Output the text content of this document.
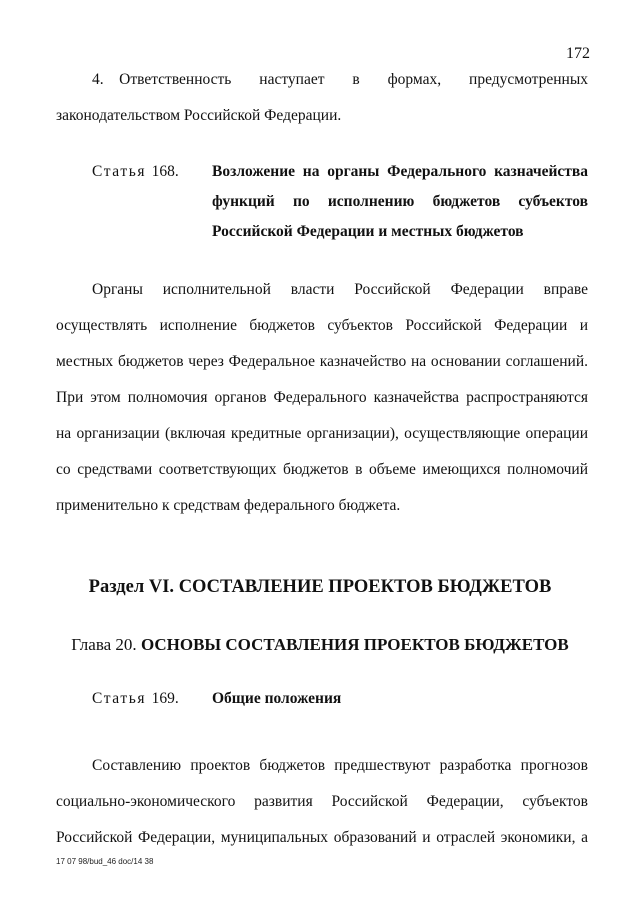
172

4. Ответственность наступает в формах, предусмотренных законодательством Российской Федерации.

Статья 168. Возложение на органы Федерального казначейства функций по исполнению бюджетов субъектов Российской Федерации и местных бюджетов

Органы исполнительной власти Российской Федерации вправе осуществлять исполнение бюджетов субъектов Российской Федерации и местных бюджетов через Федеральное казначейство на основании соглашений. При этом полномочия органов Федерального казначейства распространяются на организации (включая кредитные организации), осуществляющие операции со средствами соответствующих бюджетов в объеме имеющихся полномочий применительно к средствам федерального бюджета.

Раздел VI. СОСТАВЛЕНИЕ ПРОЕКТОВ БЮДЖЕТОВ
Глава 20. ОСНОВЫ СОСТАВЛЕНИЯ ПРОЕКТОВ БЮДЖЕТОВ
Статья 169. Общие положения

Составлению проектов бюджетов предшествуют разработка прогнозов социально-экономического развития Российской Федерации, субъектов Российской Федерации, муниципальных образований и отраслей экономики, а

17 07 98/bud_46 doc/14 38
